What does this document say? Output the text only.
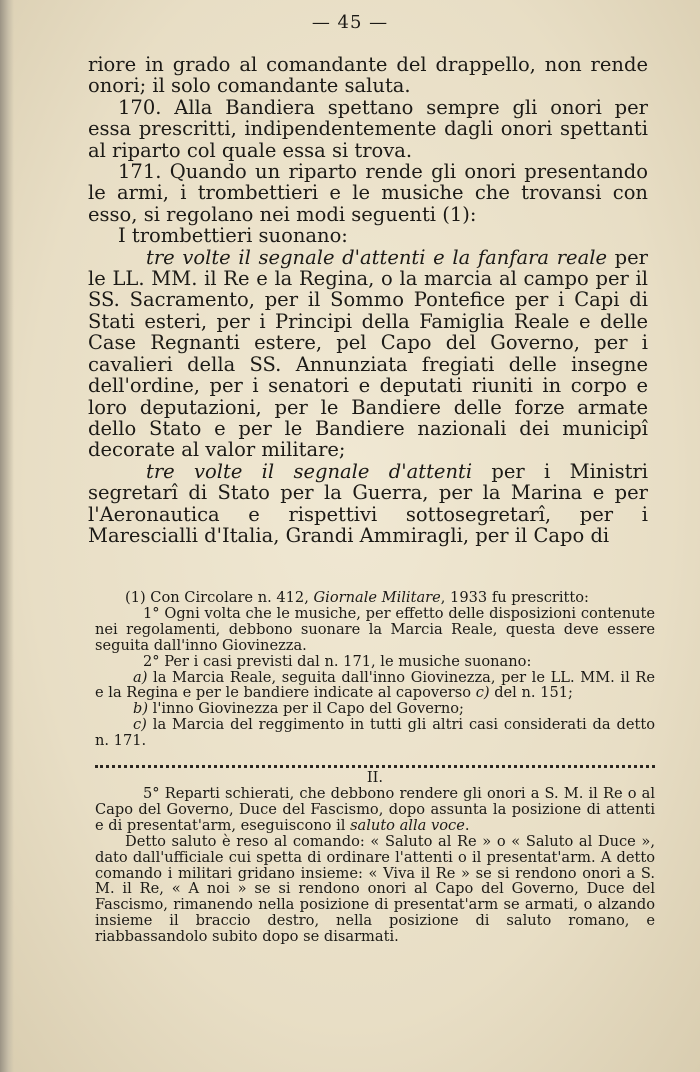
— 45 —

riore in grado al comandante del drappello, non rende onori; il solo comandante saluta.

170. Alla Bandiera spettano sempre gli onori per essa prescritti, indipendentemente dagli onori spettanti al riparto col quale essa si trova.

171. Quando un riparto rende gli onori presentando le armi, i trombettieri e le musiche che trovansi con esso, si regolano nei modi seguenti (1):

I trombettieri suonano:

tre volte il segnale d'attenti e la fanfara reale per le LL. MM. il Re e la Regina, o la marcia al campo per il SS. Sacramento, per il Sommo Pontefice per i Capi di Stati esteri, per i Principi della Famiglia Reale e delle Case Regnanti estere, pel Capo del Governo, per i cavalieri della SS. Annunziata fregiati delle insegne dell'ordine, per i senatori e deputati riuniti in corpo e loro deputazioni, per le Bandiere delle forze armate dello Stato e per le Bandiere nazionali dei municipî decorate al valor militare;

tre volte il segnale d'attenti per i Ministri segretarî di Stato per la Guerra, per la Marina e per l'Aeronautica e rispettivi sottosegretarî, per i Marescialli d'Italia, Grandi Ammiragli, per il Capo di

(1) Con Circolare n. 412, Giornale Militare, 1933 fu prescritto:

1° Ogni volta che le musiche, per effetto delle disposizioni contenute nei regolamenti, debbono suonare la Marcia Reale, questa deve essere seguita dall'inno Giovinezza.

2° Per i casi previsti dal n. 171, le musiche suonano:

a) la Marcia Reale, seguita dall'inno Giovinezza, per le LL. MM. il Re e la Regina e per le bandiere indicate al capoverso c) del n. 151;

b) l'inno Giovinezza per il Capo del Governo;

c) la Marcia del reggimento in tutti gli altri casi considerati da detto n. 171.

II.

5° Reparti schierati, che debbono rendere gli onori a S. M. il Re o al Capo del Governo, Duce del Fascismo, dopo assunta la posizione di attenti e di presentat'arm, eseguiscono il saluto alla voce.

Detto saluto è reso al comando: « Saluto al Re » o « Saluto al Duce », dato dall'ufficiale cui spetta di ordinare l'attenti o il presentat'arm. A detto comando i militari gridano insieme: « Viva il Re » se si rendono onori a S. M. il Re, « A noi » se si rendono onori al Capo del Governo, Duce del Fascismo, rimanendo nella posizione di presentat'arm se armati, o alzando insieme il braccio destro, nella posizione di saluto romano, e riabbassandolo subito dopo se disarmati.
